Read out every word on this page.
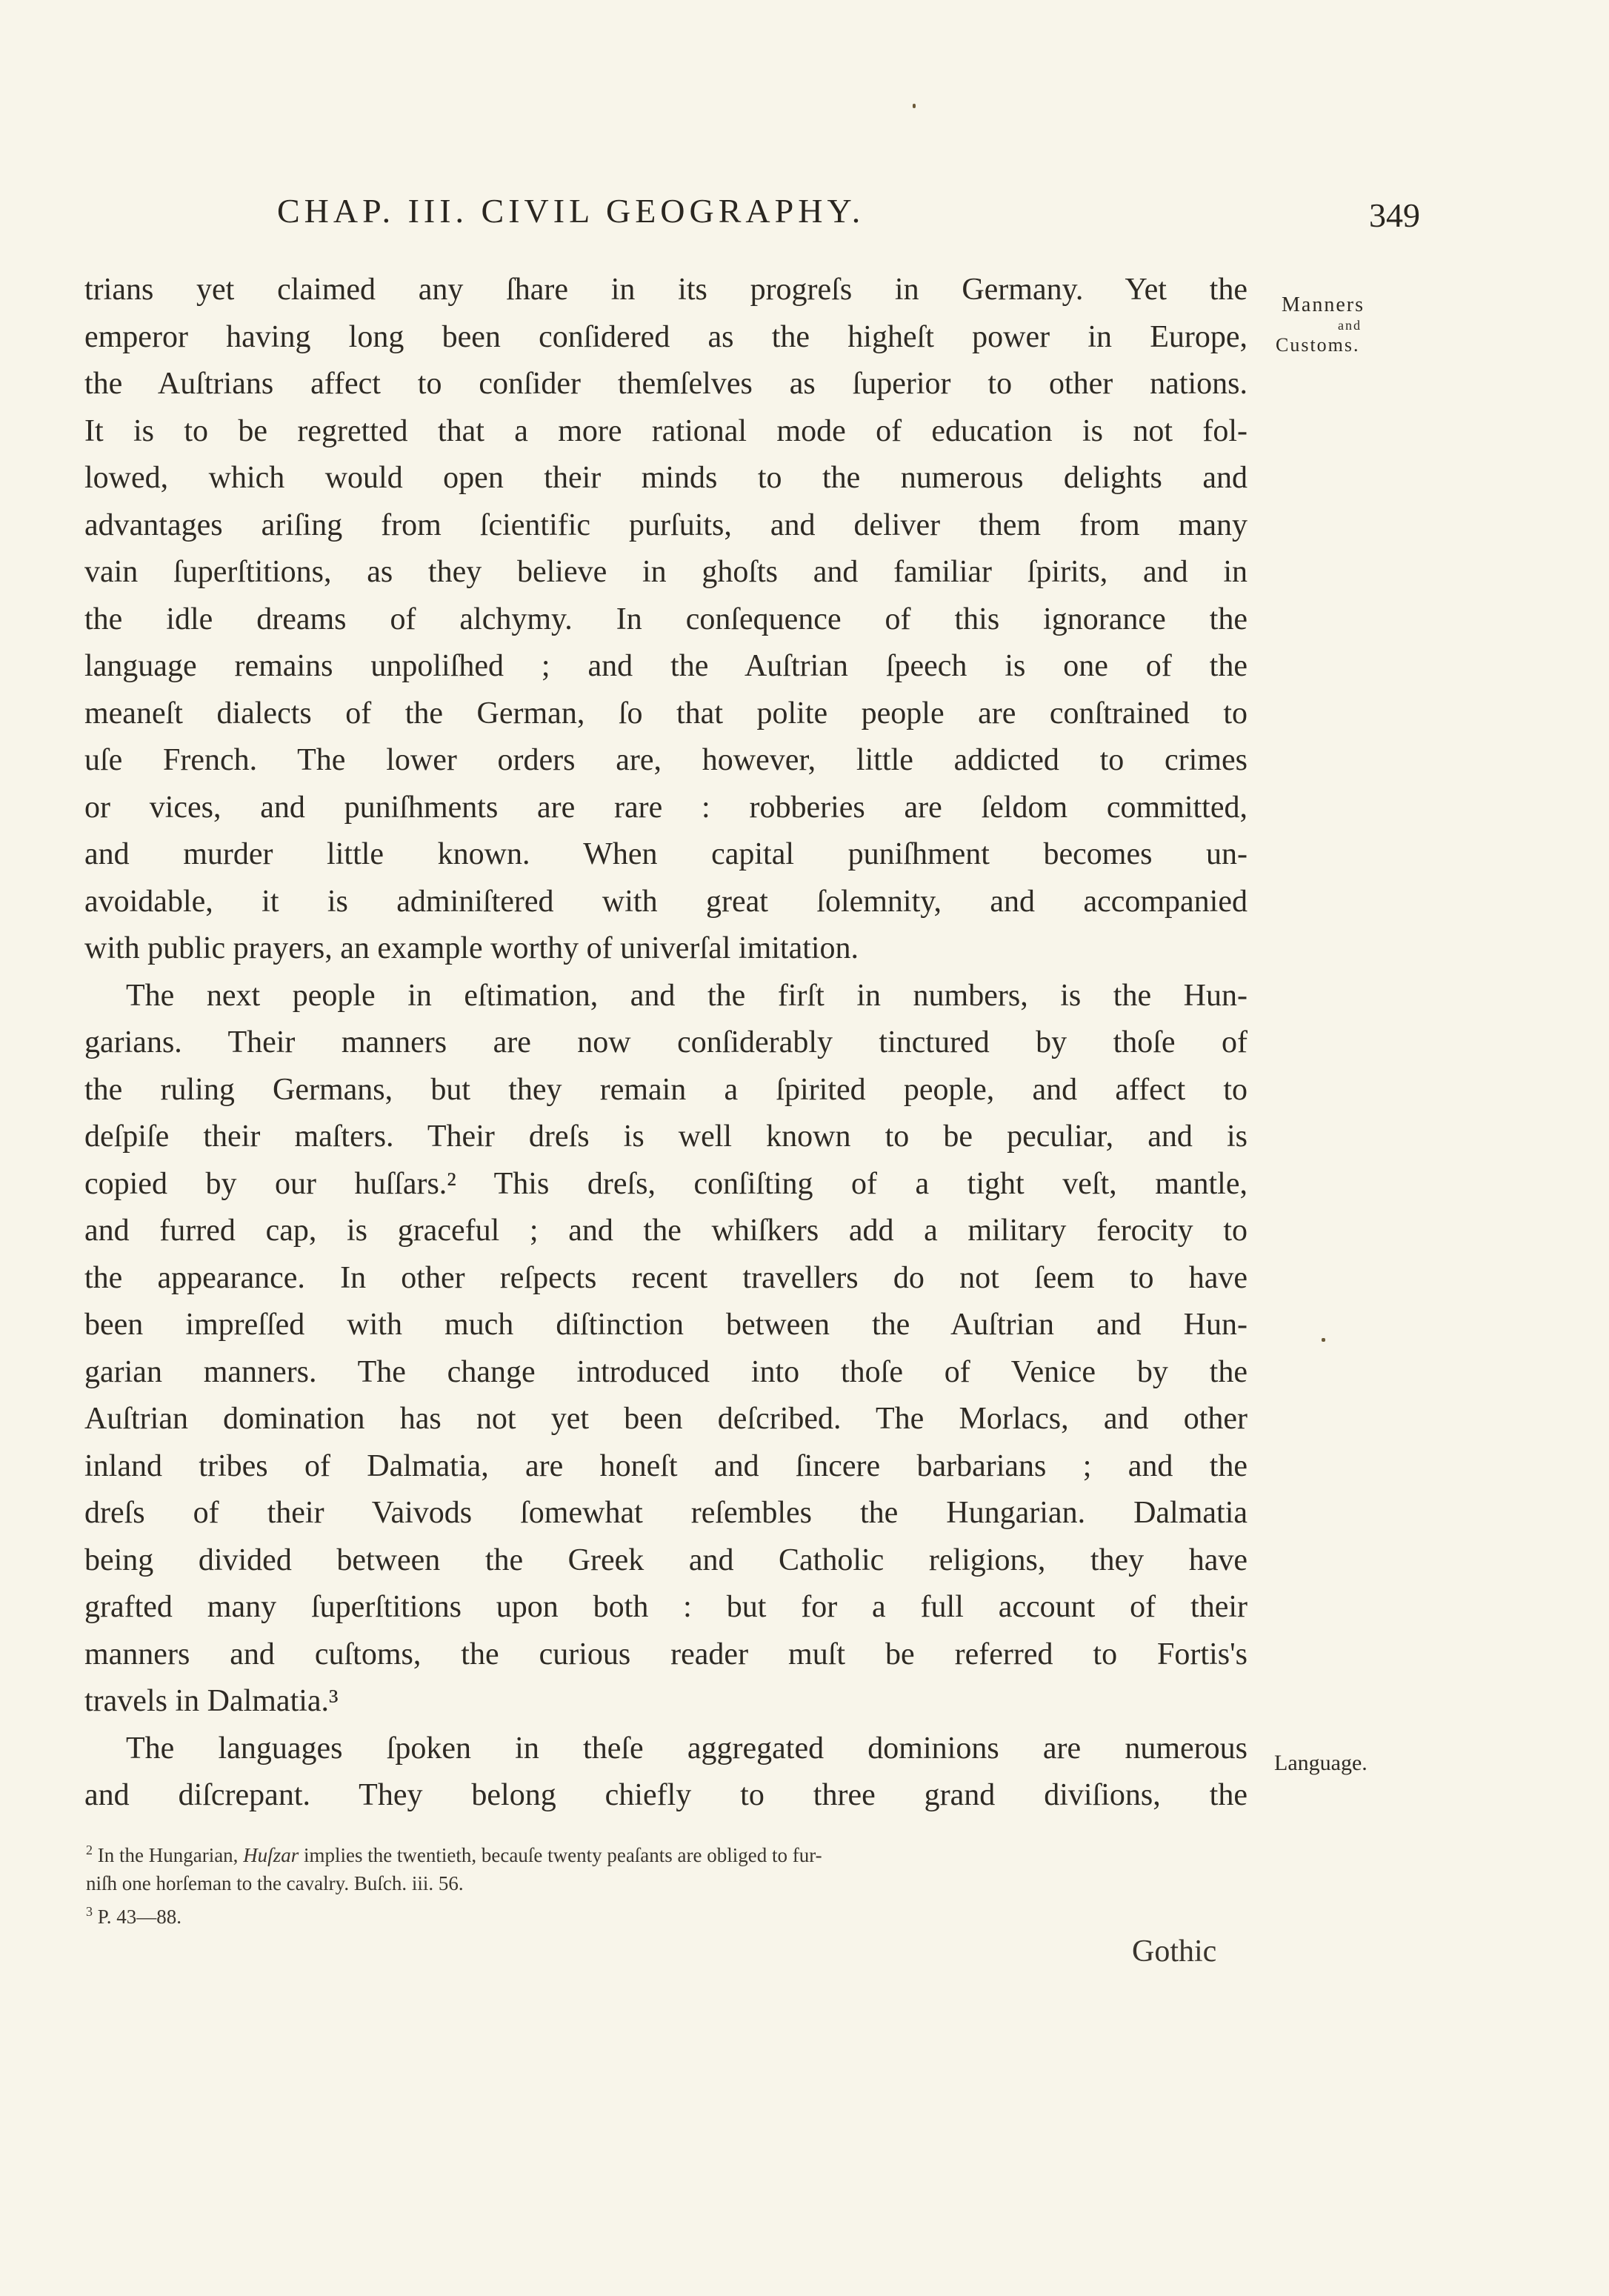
CHAP. III. CIVIL GEOGRAPHY.	349
Manners
and
Customs.
Language.
trians yet claimed any ſhare in its progreſs in Germany. Yet the
emperor having long been conſidered as the higheſt power in Europe,
the Auſtrians affect to conſider themſelves as ſuperior to other nations.
It is to be regretted that a more rational mode of education is not fol-
lowed, which would open their minds to the numerous delights and
advantages ariſing from ſcientific purſuits, and deliver them from many
vain ſuperſtitions, as they believe in ghoſts and familiar ſpirits, and in
the idle dreams of alchymy. In conſequence of this ignorance the
language remains unpoliſhed ; and the Auſtrian ſpeech is one of the
meaneſt dialects of the German, ſo that polite people are conſtrained to
uſe French. The lower orders are, however, little addicted to crimes
or vices, and puniſhments are rare : robberies are ſeldom committed,
and murder little known. When capital puniſhment becomes un-
avoidable, it is adminiſtered with great ſolemnity, and accompanied
with public prayers, an example worthy of univerſal imitation.
The next people in eſtimation, and the firſt in numbers, is the Hun-
garians. Their manners are now conſiderably tinctured by thoſe of
the ruling Germans, but they remain a ſpirited people, and affect to
deſpiſe their maſters. Their dreſs is well known to be peculiar, and is
copied by our huſſars.² This dreſs, conſiſting of a tight veſt, mantle,
and furred cap, is graceful ; and the whiſkers add a military ferocity to
the appearance. In other reſpects recent travellers do not ſeem to have
been impreſſed with much diſtinction between the Auſtrian and Hun-
garian manners. The change introduced into thoſe of Venice by the
Auſtrian domination has not yet been deſcribed. The Morlacs, and other
inland tribes of Dalmatia, are honeſt and ſincere barbarians ; and the
dreſs of their Vaivods ſomewhat reſembles the Hungarian. Dalmatia
being divided between the Greek and Catholic religions, they have
grafted many ſuperſtitions upon both : but for a full account of their
manners and cuſtoms, the curious reader muſt be referred to Fortis's
travels in Dalmatia.³
The languages ſpoken in theſe aggregated dominions are numerous
and diſcrepant. They belong chiefly to three grand diviſions, the
$^2$ In the Hungarian, Huſzar implies the twentieth, becauſe twenty peaſants are obliged to fur-
niſh one horſeman to the cavalry. Buſch. iii. 56.
$^3$ P. 43—88.
Gothic
